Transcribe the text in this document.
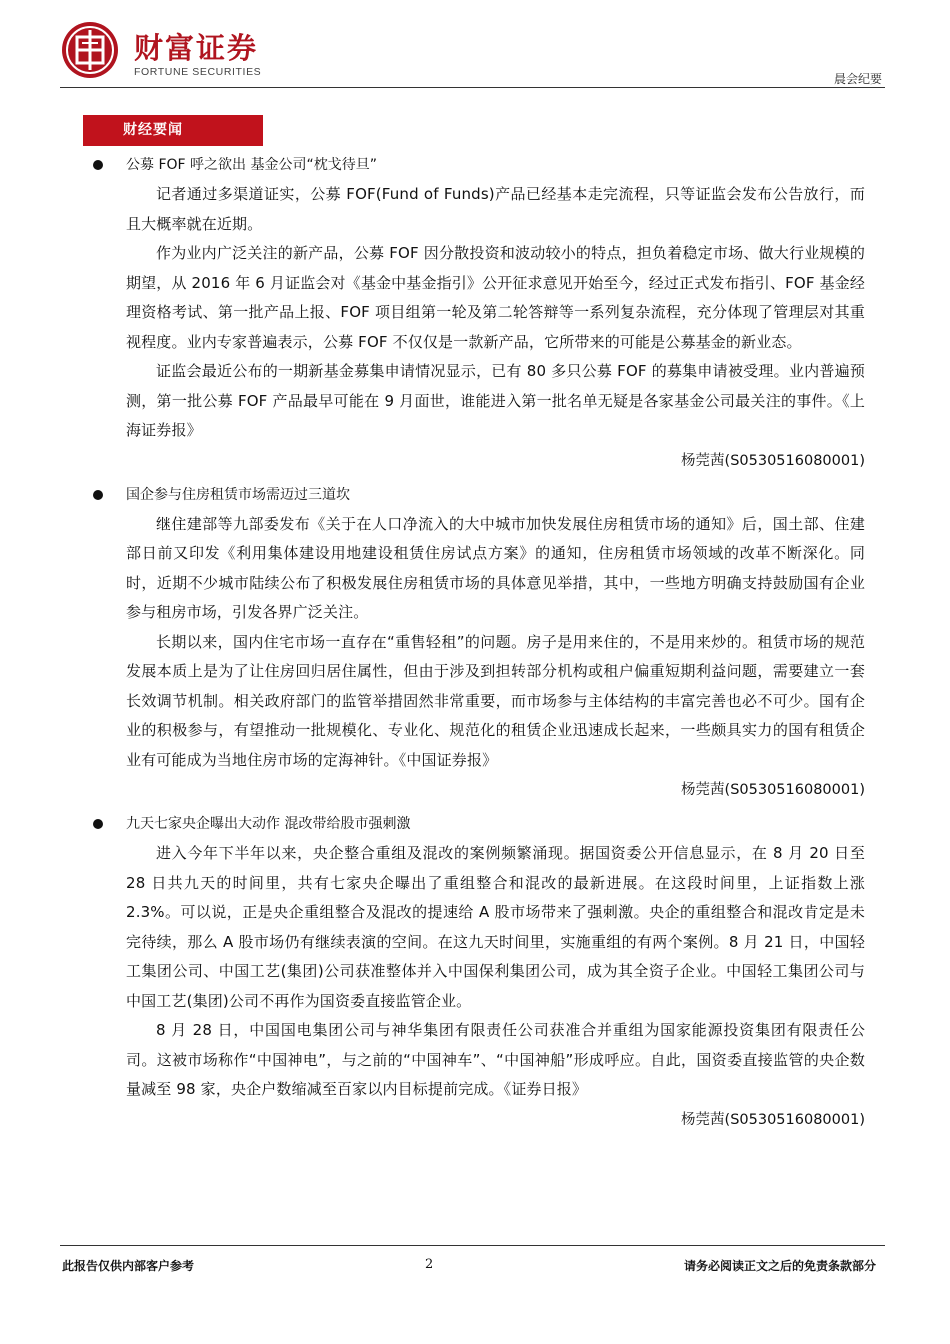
财富证券
FORTUNE SECURITIES	晨会纪要
财经要闻
公募 FOF 呼之欲出 基金公司“枕戈待旦”

记者通过多渠道证实，公募 FOF(Fund of Funds)产品已经基本走完流程，只等证监会发布公告放行，而且大概率就在近期。

作为业内广泛关注的新产品，公募 FOF 因分散投资和波动较小的特点，担负着稳定市场、做大行业规模的期望，从 2016 年 6 月证监会对《基金中基金指引》公开征求意见开始至今，经过正式发布指引、FOF 基金经理资格考试、第一批产品上报、FOF 项目组第一轮及第二轮答辩等一系列复杂流程，充分体现了管理层对其重视程度。业内专家普遍表示，公募 FOF 不仅仅是一款新产品，它所带来的可能是公募基金的新业态。

证监会最近公布的一期新基金募集申请情况显示，已有 80 多只公募 FOF 的募集申请被受理。业内普遍预测，第一批公募 FOF 产品最早可能在 9 月面世，谁能进入第一批名单无疑是各家基金公司最关注的事件。《上海证券报》

杨莞茜(S0530516080001)

国企参与住房租赁市场需迈过三道坎

继住建部等九部委发布《关于在人口净流入的大中城市加快发展住房租赁市场的通知》后，国土部、住建部日前又印发《利用集体建设用地建设租赁住房试点方案》的通知，住房租赁市场领域的改革不断深化。同时，近期不少城市陆续公布了积极发展住房租赁市场的具体意见举措，其中，一些地方明确支持鼓励国有企业参与租房市场，引发各界广泛关注。

长期以来，国内住宅市场一直存在“重售轻租”的问题。房子是用来住的，不是用来炒的。租赁市场的规范发展本质上是为了让住房回归居住属性，但由于涉及到担转部分机构或租户偏重短期利益问题，需要建立一套长效调节机制。相关政府部门的监管举措固然非常重要，而市场参与主体结构的丰富完善也必不可少。国有企业的积极参与，有望推动一批规模化、专业化、规范化的租赁企业迅速成长起来，一些颇具实力的国有租赁企业有可能成为当地住房市场的定海神针。《中国证券报》

杨莞茜(S0530516080001)

九天七家央企曝出大动作 混改带给股市强刺激

进入今年下半年以来，央企整合重组及混改的案例频繁涌现。据国资委公开信息显示，在 8 月 20 日至 28 日共九天的时间里，共有七家央企曝出了重组整合和混改的最新进展。在这段时间里，上证指数上涨 2.3%。可以说，正是央企重组整合及混改的提速给 A 股市场带来了强刺激。央企的重组整合和混改肯定是未完待续，那么 A 股市场仍有继续表演的空间。在这九天时间里，实施重组的有两个案例。8 月 21 日，中国轻工集团公司、中国工艺(集团)公司获准整体并入中国保利集团公司，成为其全资子企业。中国轻工集团公司与中国工艺(集团)公司不再作为国资委直接监管企业。

8 月 28 日，中国国电集团公司与神华集团有限责任公司获准合并重组为国家能源投资集团有限责任公司。这被市场称作“中国神电”，与之前的“中国神车”、“中国神船”形成呼应。自此，国资委直接监管的央企数量减至 98 家，央企户数缩减至百家以内目标提前完成。《证券日报》

杨莞茜(S0530516080001)

此报告仅供内部客户参考	2	请务必阅读正文之后的免责条款部分
